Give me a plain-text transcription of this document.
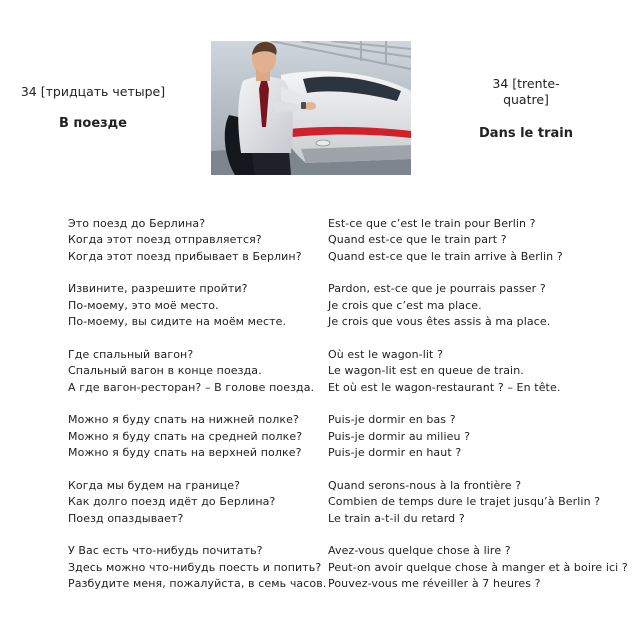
34 [тридцать четыре]
В поезде
34 [trente-quatre]
Dans le train
Это поезд до Берлина?	Est-ce que c’est le train pour Berlin ?
Когда этот поезд отправляется?	Quand est-ce que le train part ?
Когда этот поезд прибывает в Берлин?	Quand est-ce que le train arrive à Berlin ?
Извините, разрешите пройти?	Pardon, est-ce que je pourrais passer ?
По-моему, это моё место.	Je crois que c’est ma place.
По-моему, вы сидите на моём месте.	Je crois que vous êtes assis à ma place.
Где спальный вагон?	Où est le wagon-lit ?
Спальный вагон в конце поезда.	Le wagon-lit est en queue de train.
А где вагон-ресторан? – В голове поезда.	Et où est le wagon-restaurant ? – En tête.
Можно я буду спать на нижней полке?	Puis-je dormir en bas ?
Можно я буду спать на средней полке?	Puis-je dormir au milieu ?
Можно я буду спать на верхней полке?	Puis-je dormir en haut ?
Когда мы будем на границе?	Quand serons-nous à la frontière ?
Как долго поезд идёт до Берлина?	Combien de temps dure le trajet jusqu’à Berlin ?
Поезд опаздывает?	Le train a-t-il du retard ?
У Вас есть что-нибудь почитать?	Avez-vous quelque chose à lire ?
Здесь можно что-нибудь поесть и попить? Peut-on avoir quelque chose à manger et à boire ici ?
Разбудите меня, пожалуйста, в семь часов. Pouvez-vous me réveiller à 7 heures ?
